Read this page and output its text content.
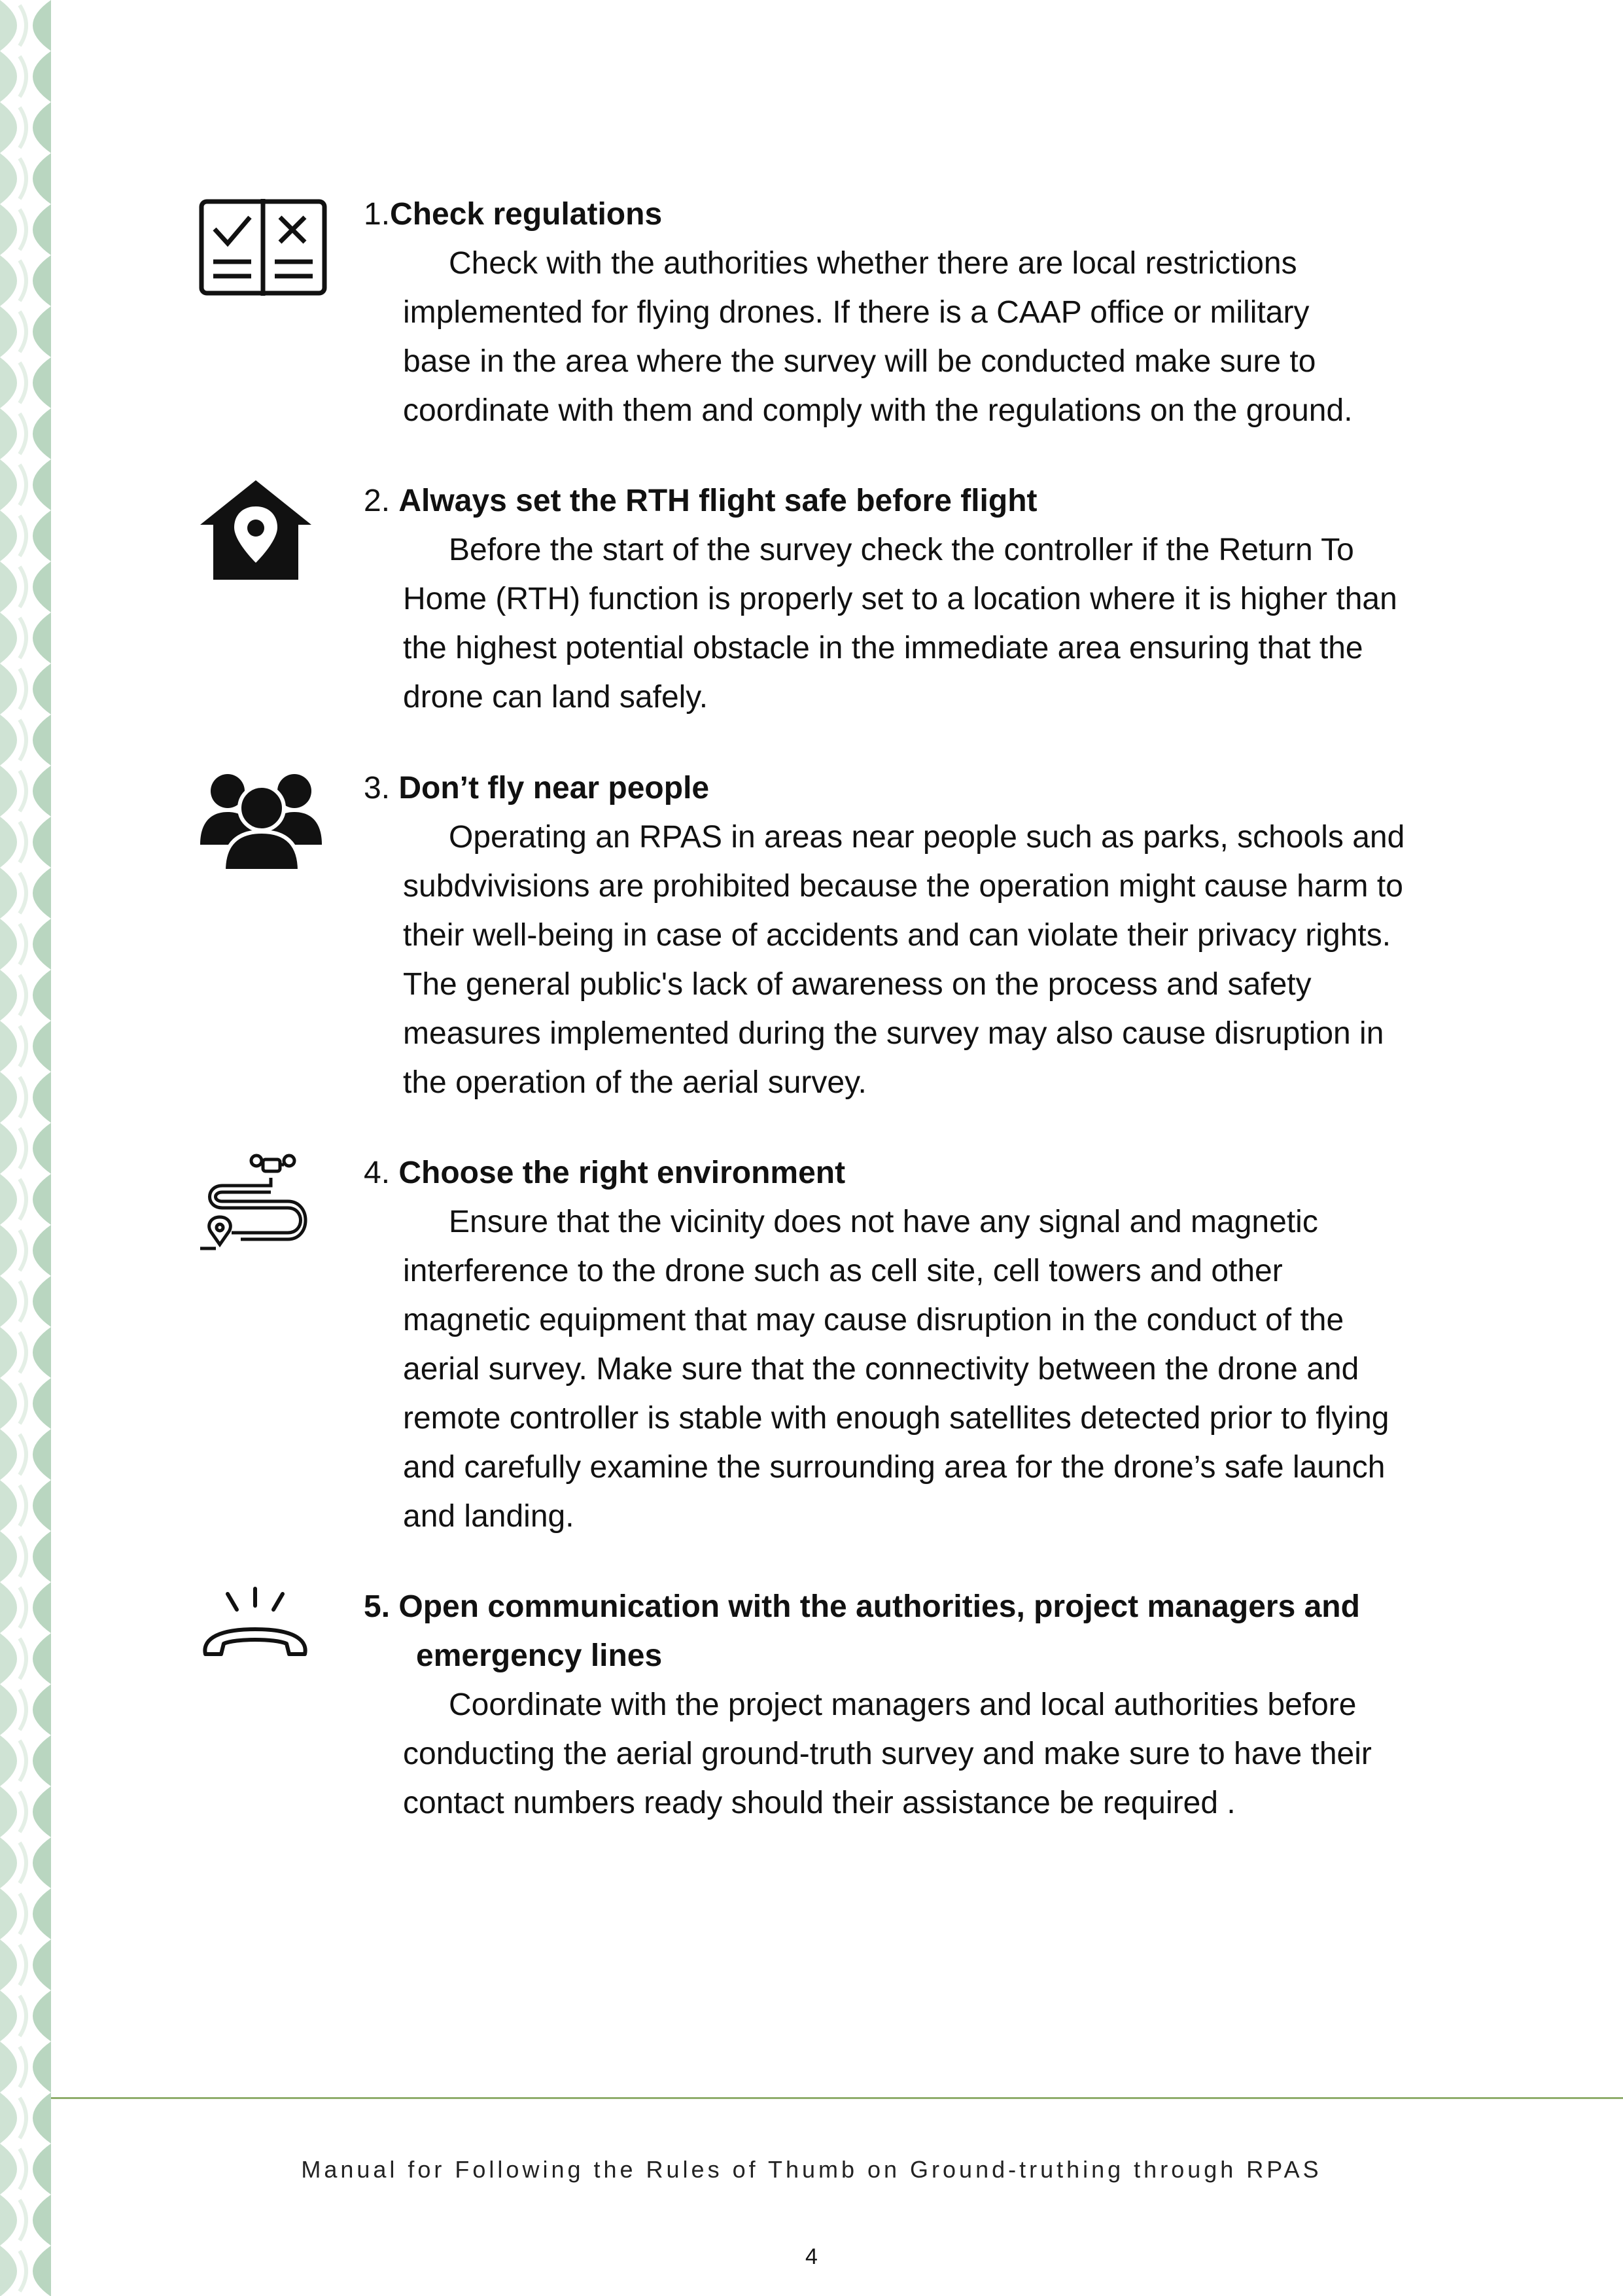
1.Check regulations

Check with the authorities whether there are local restrictions

implemented for flying drones. If there is a CAAP office or military

base in the area where the survey will be conducted make sure to

coordinate with them and comply with the regulations on the ground.

2. Always set the RTH flight safe before flight

Before the start of the survey check the controller if the Return To

Home (RTH) function is properly set to a location where it is higher than

the highest potential obstacle in the immediate area ensuring that the

drone can land safely.

3. Don’t fly near people

Operating an RPAS in areas near people such as parks, schools and

subdvivisions are prohibited because the operation might cause harm to

their well-being in case of accidents and can violate their privacy rights.

The general public's lack of awareness on the process and safety

measures implemented during the survey may also cause disruption in

the operation of the aerial survey.

4. Choose the right environment

Ensure that the vicinity does not have any signal and magnetic

interference to the drone such as cell site, cell towers and other

magnetic equipment that may cause disruption in the conduct of the

aerial survey. Make sure that the connectivity between the drone and

remote controller is stable with enough satellites detected prior to flying

and carefully examine the surrounding area for the drone’s safe launch

and landing.

5. Open communication with the authorities, project managers and
emergency lines

Coordinate with the project managers and local authorities before

conducting the aerial ground-truth survey and make sure to have their

contact numbers ready should their assistance be required .

Manual for Following the Rules of Thumb on Ground-truthing through RPAS
4
